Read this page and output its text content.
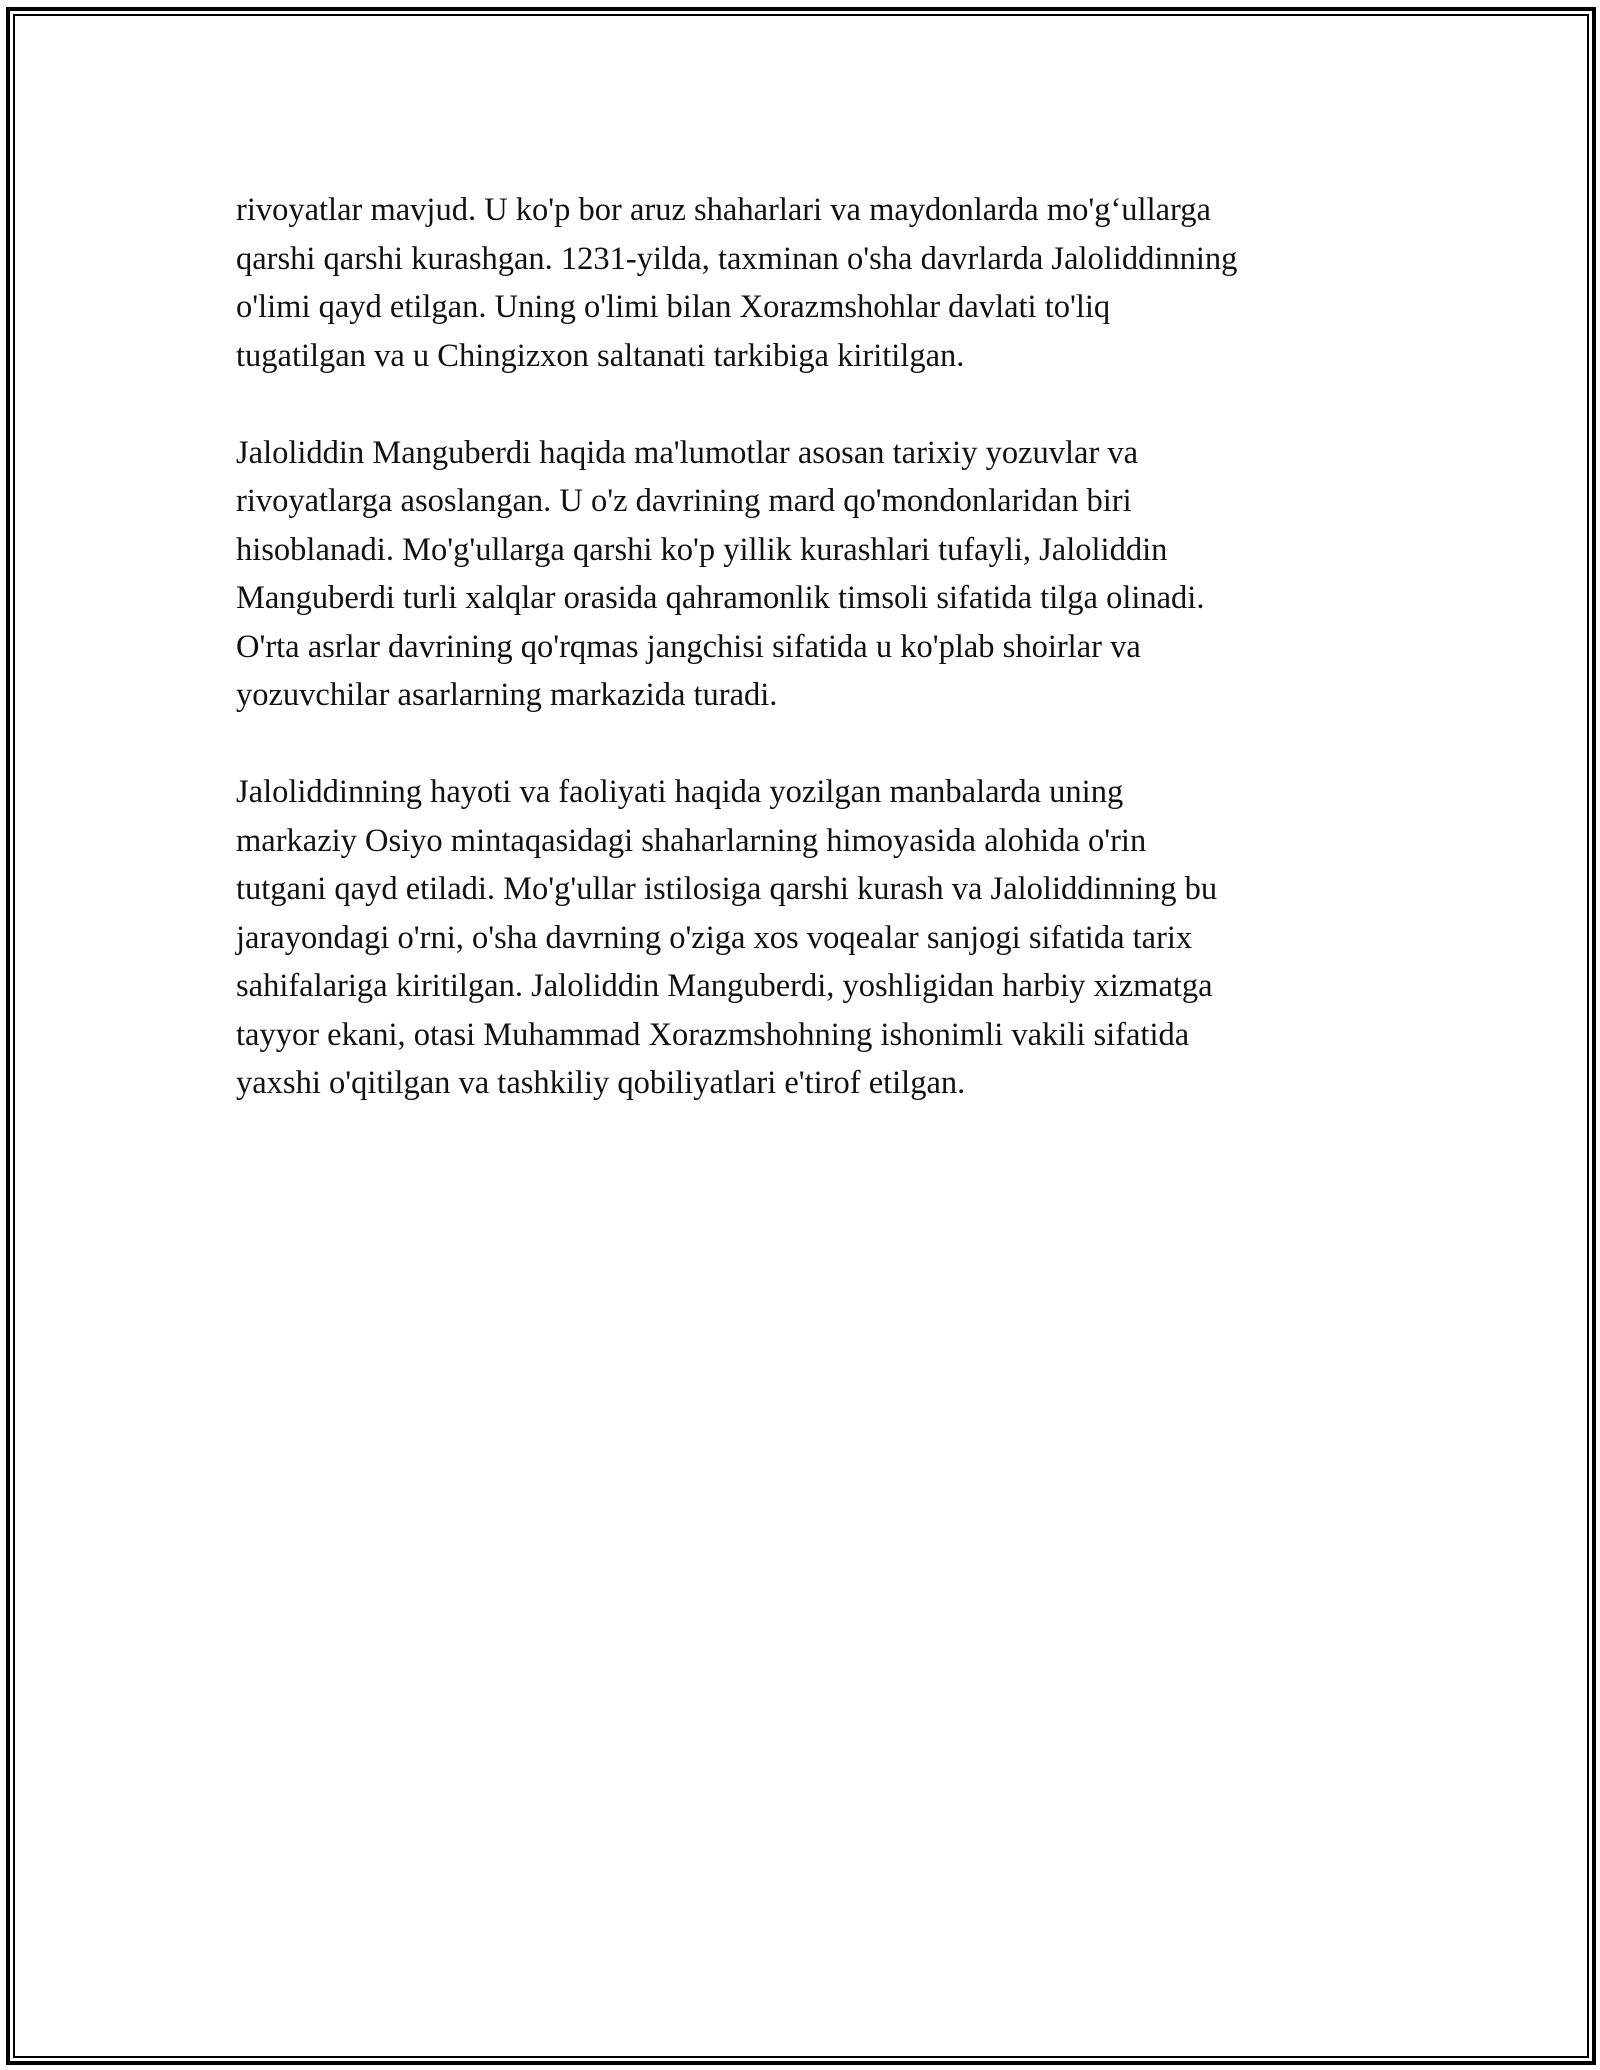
rivoyatlar mavjud. U ko'p bor aruz shaharlari va maydonlarda mo'g‘ullarga
qarshi qarshi kurashgan. 1231-yilda, taxminan o'sha davrlarda Jaloliddinning
o'limi qayd etilgan. Uning o'limi bilan Xorazmshohlar davlati to'liq
tugatilgan va u Chingizxon saltanati tarkibiga kiritilgan.
Jaloliddin Manguberdi haqida ma'lumotlar asosan tarixiy yozuvlar va
rivoyatlarga asoslangan. U o'z davrining mard qo'mondonlaridan biri
hisoblanadi. Mo'g'ullarga qarshi ko'p yillik kurashlari tufayli, Jaloliddin
Manguberdi turli xalqlar orasida qahramonlik timsoli sifatida tilga olinadi.
O'rta asrlar davrining qo'rqmas jangchisi sifatida u ko'plab shoirlar va
yozuvchilar asarlarning markazida turadi.
Jaloliddinning hayoti va faoliyati haqida yozilgan manbalarda uning
markaziy Osiyo mintaqasidagi shaharlarning himoyasida alohida o'rin
tutgani qayd etiladi. Mo'g'ullar istilosiga qarshi kurash va Jaloliddinning bu
jarayondagi o'rni, o'sha davrning o'ziga xos voqealar sanjogi sifatida tarix
sahifalariga kiritilgan. Jaloliddin Manguberdi, yoshligidan harbiy xizmatga
tayyor ekani, otasi Muhammad Xorazmshohning ishonimli vakili sifatida
yaxshi o'qitilgan va tashkiliy qobiliyatlari e'tirof etilgan.
